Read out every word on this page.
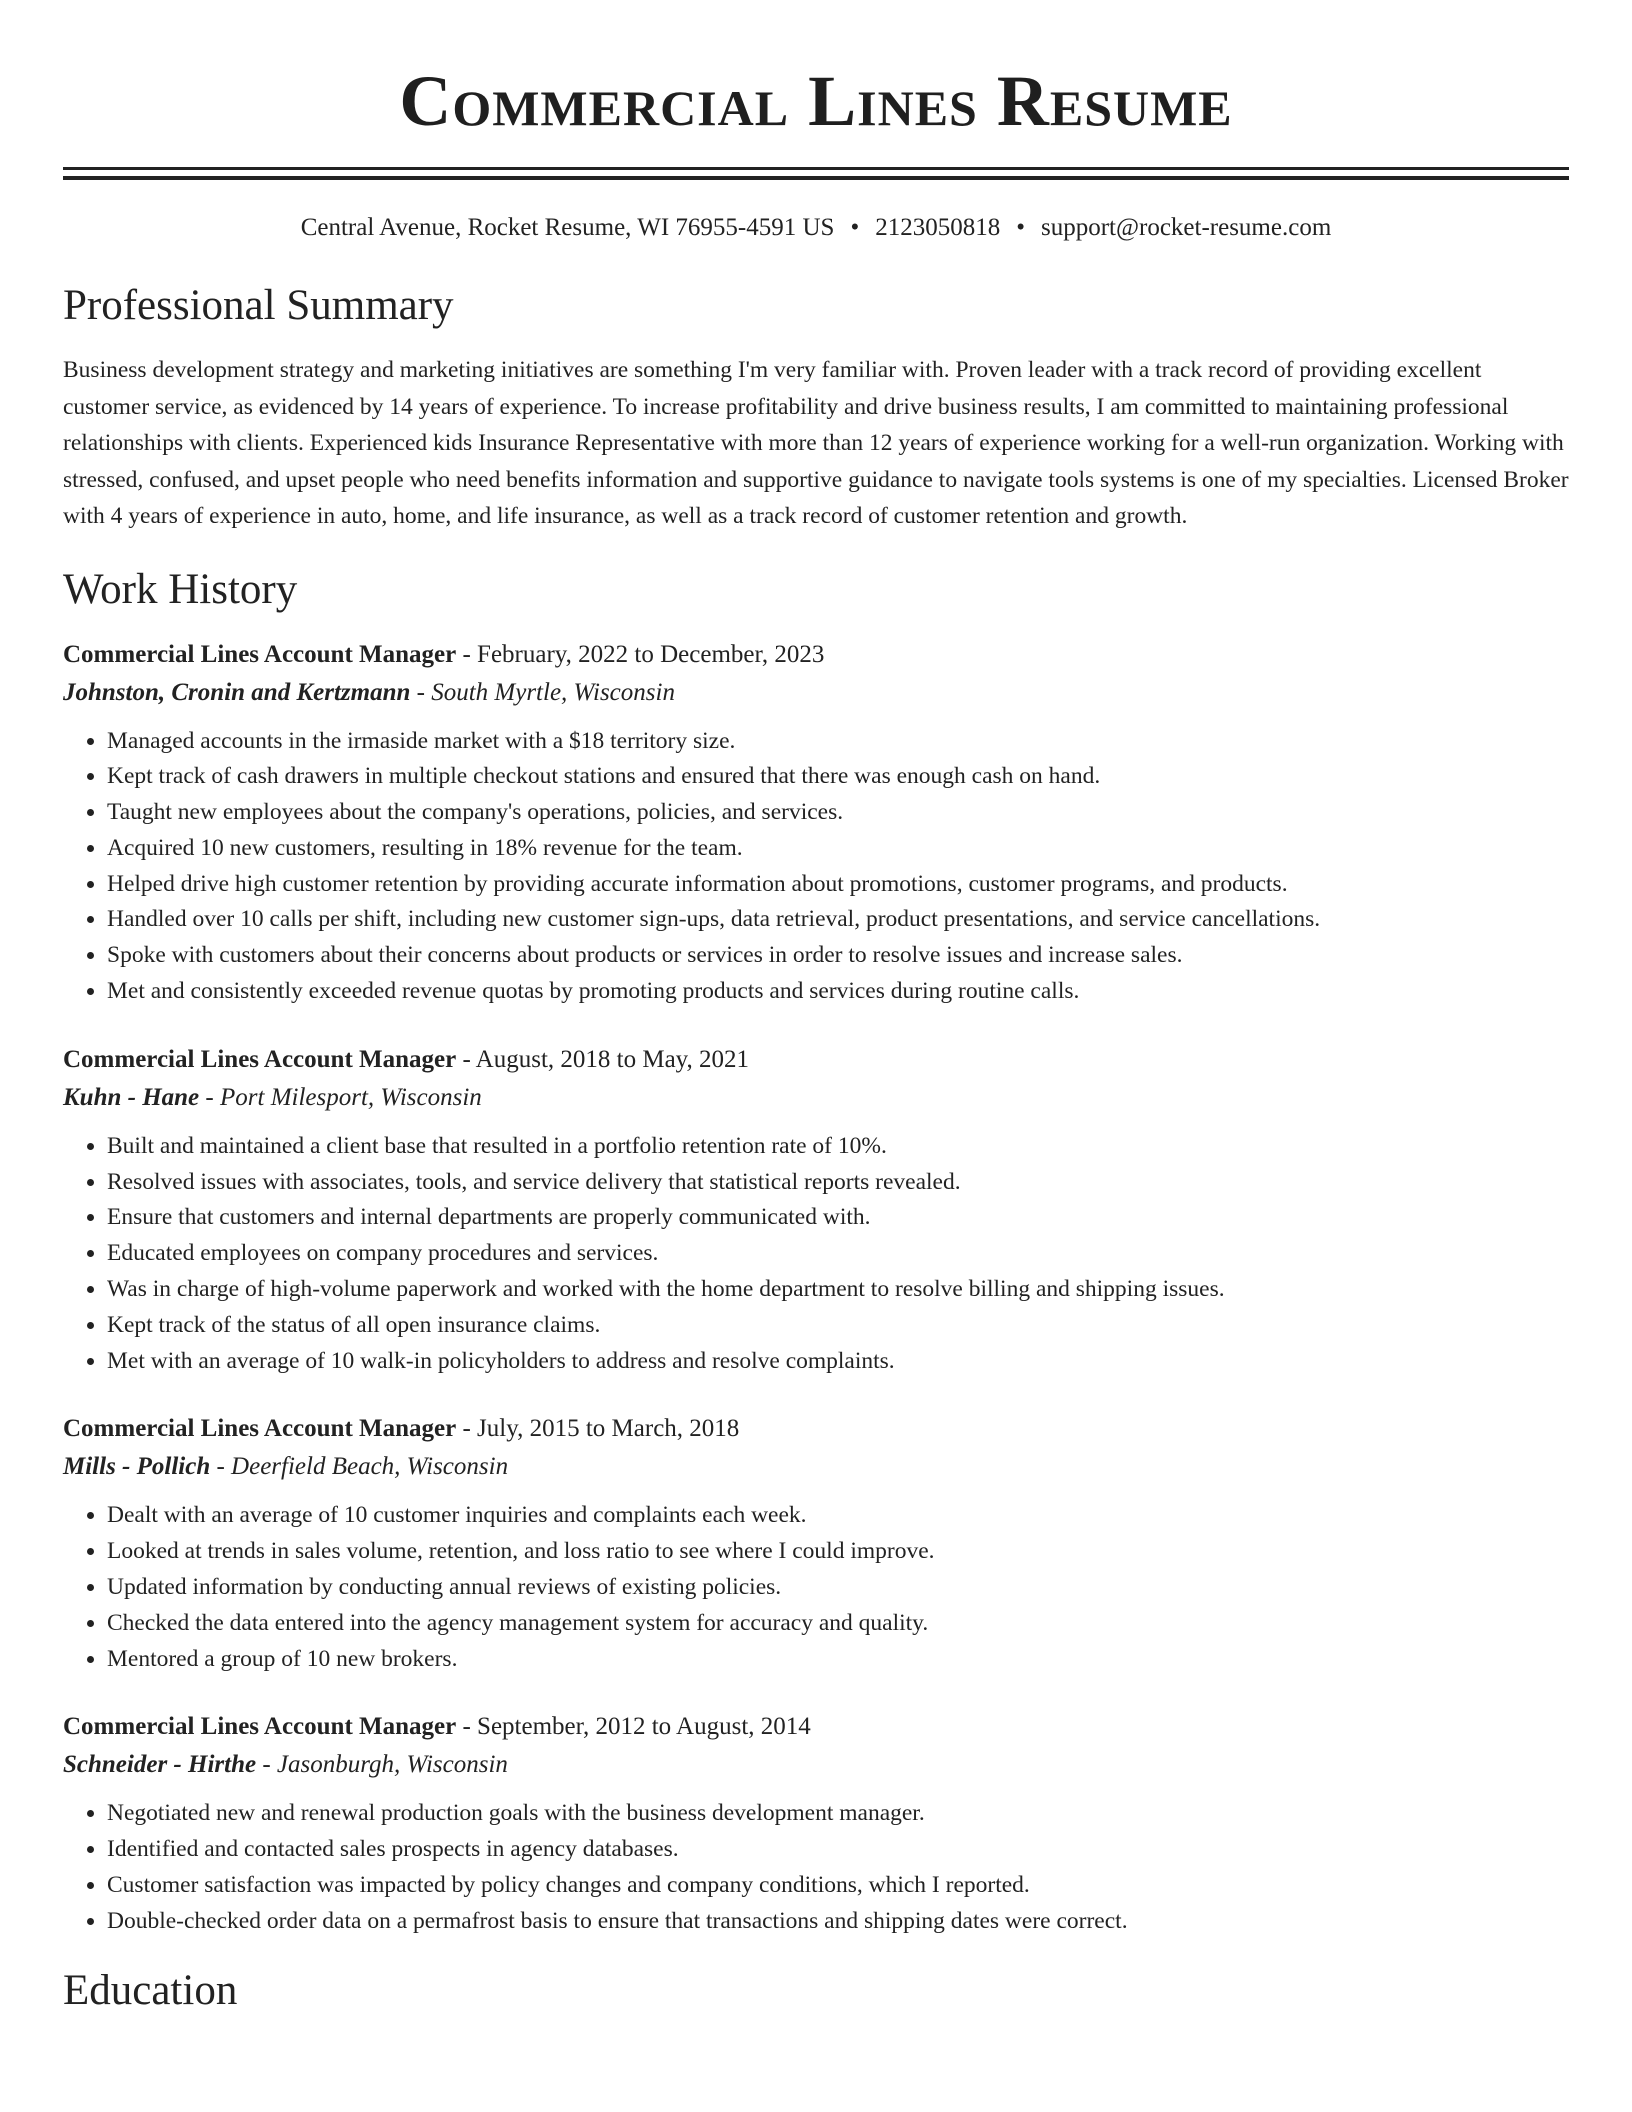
Commercial Lines Resume
Central Avenue, Rocket Resume, WI 76955-4591 US • 2123050818 • support@rocket-resume.com
Professional Summary

Business development strategy and marketing initiatives are something I'm very familiar with. Proven leader with a track record of providing excellent customer service, as evidenced by 14 years of experience. To increase profitability and drive business results, I am committed to maintaining professional relationships with clients. Experienced kids Insurance Representative with more than 12 years of experience working for a well-run organization. Working with stressed, confused, and upset people who need benefits information and supportive guidance to navigate tools systems is one of my specialties. Licensed Broker with 4 years of experience in auto, home, and life insurance, as well as a track record of customer retention and growth.

Work History
Commercial Lines Account Manager - February, 2022 to December, 2023
Johnston, Cronin and Kertzmann - South Myrtle, Wisconsin
• Managed accounts in the irmaside market with a $18 territory size.
• Kept track of cash drawers in multiple checkout stations and ensured that there was enough cash on hand.
• Taught new employees about the company's operations, policies, and services.
• Acquired 10 new customers, resulting in 18% revenue for the team.
• Helped drive high customer retention by providing accurate information about promotions, customer programs, and products.
• Handled over 10 calls per shift, including new customer sign-ups, data retrieval, product presentations, and service cancellations.
• Spoke with customers about their concerns about products or services in order to resolve issues and increase sales.
• Met and consistently exceeded revenue quotas by promoting products and services during routine calls.
Commercial Lines Account Manager - August, 2018 to May, 2021
Kuhn - Hane - Port Milesport, Wisconsin
• Built and maintained a client base that resulted in a portfolio retention rate of 10%.
• Resolved issues with associates, tools, and service delivery that statistical reports revealed.
• Ensure that customers and internal departments are properly communicated with.
• Educated employees on company procedures and services.
• Was in charge of high-volume paperwork and worked with the home department to resolve billing and shipping issues.
• Kept track of the status of all open insurance claims.
• Met with an average of 10 walk-in policyholders to address and resolve complaints.
Commercial Lines Account Manager - July, 2015 to March, 2018
Mills - Pollich - Deerfield Beach, Wisconsin
• Dealt with an average of 10 customer inquiries and complaints each week.
• Looked at trends in sales volume, retention, and loss ratio to see where I could improve.
• Updated information by conducting annual reviews of existing policies.
• Checked the data entered into the agency management system for accuracy and quality.
• Mentored a group of 10 new brokers.
Commercial Lines Account Manager - September, 2012 to August, 2014
Schneider - Hirthe - Jasonburgh, Wisconsin
• Negotiated new and renewal production goals with the business development manager.
• Identified and contacted sales prospects in agency databases.
• Customer satisfaction was impacted by policy changes and company conditions, which I reported.
• Double-checked order data on a permafrost basis to ensure that transactions and shipping dates were correct.
Education
